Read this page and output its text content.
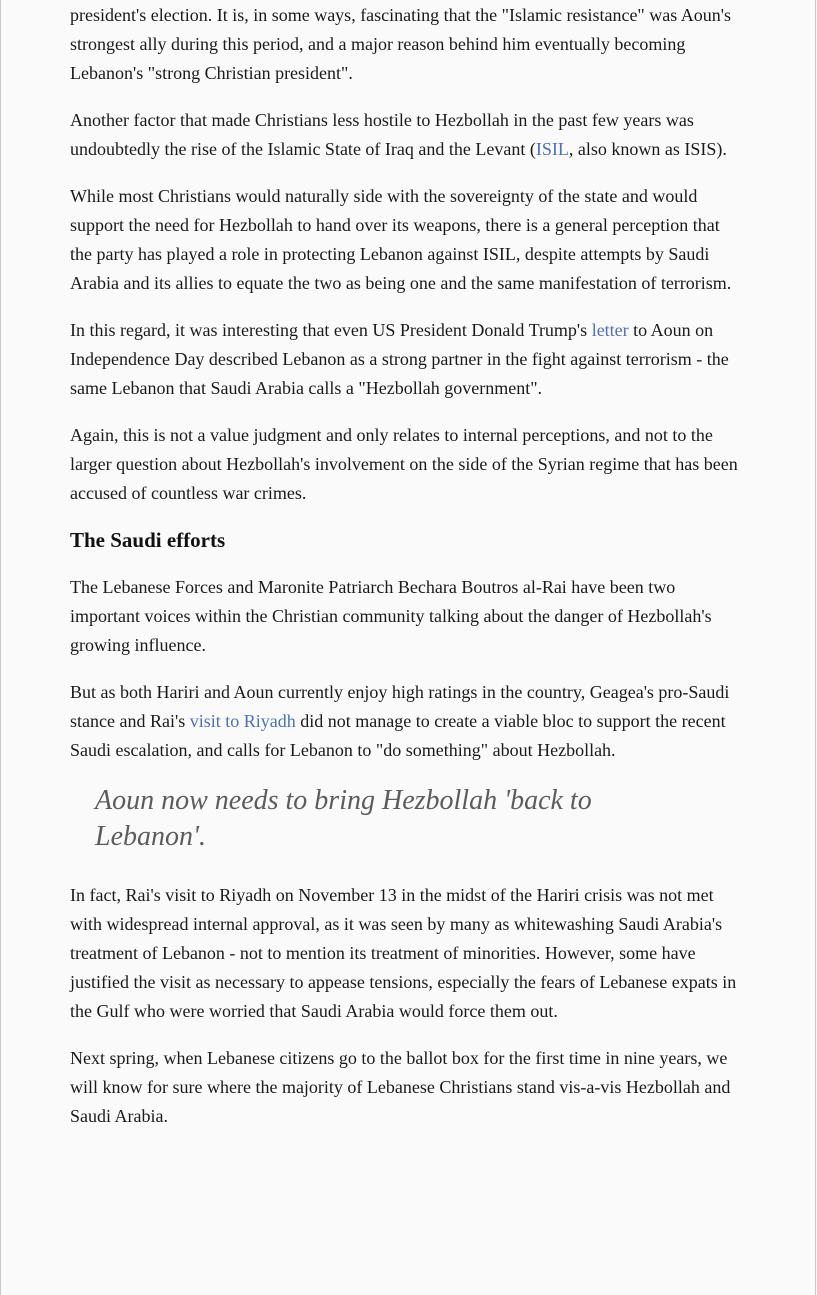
president's election. It is, in some ways, fascinating that the "Islamic resistance" was Aoun's strongest ally during this period, and a major reason behind him eventually becoming Lebanon's "strong Christian president".

Another factor that made Christians less hostile to Hezbollah in the past few years was undoubtedly the rise of the Islamic State of Iraq and the Levant (ISIL, also known as ISIS).

While most Christians would naturally side with the sovereignty of the state and would support the need for Hezbollah to hand over its weapons, there is a general perception that the party has played a role in protecting Lebanon against ISIL, despite attempts by Saudi Arabia and its allies to equate the two as being one and the same manifestation of terrorism.

In this regard, it was interesting that even US President Donald Trump's letter to Aoun on Independence Day described Lebanon as a strong partner in the fight against terrorism - the same Lebanon that Saudi Arabia calls a "Hezbollah government".

Again, this is not a value judgment and only relates to internal perceptions, and not to the larger question about Hezbollah's involvement on the side of the Syrian regime that has been accused of countless war crimes.

The Saudi efforts

The Lebanese Forces and Maronite Patriarch Bechara Boutros al-Rai have been two important voices within the Christian community talking about the danger of Hezbollah's growing influence.

But as both Hariri and Aoun currently enjoy high ratings in the country, Geagea's pro-Saudi stance and Rai's visit to Riyadh did not manage to create a viable bloc to support the recent Saudi escalation, and calls for Lebanon to "do something" about Hezbollah.

Aoun now needs to bring Hezbollah 'back to Lebanon'.

In fact, Rai's visit to Riyadh on November 13 in the midst of the Hariri crisis was not met with widespread internal approval, as it was seen by many as whitewashing Saudi Arabia's treatment of Lebanon - not to mention its treatment of minorities. However, some have justified the visit as necessary to appease tensions, especially the fears of Lebanese expats in the Gulf who were worried that Saudi Arabia would force them out.

Next spring, when Lebanese citizens go to the ballot box for the first time in nine years, we will know for sure where the majority of Lebanese Christians stand vis-a-vis Hezbollah and Saudi Arabia.
